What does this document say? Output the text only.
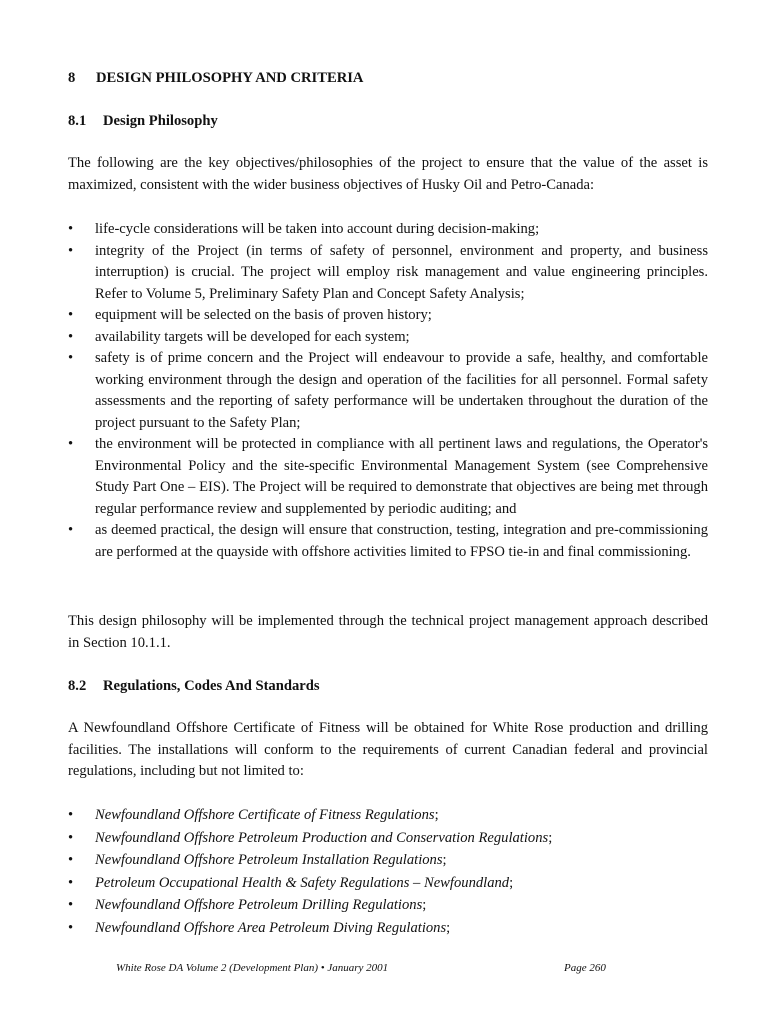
8 DESIGN PHILOSOPHY AND CRITERIA
8.1 Design Philosophy

The following are the key objectives/philosophies of the project to ensure that the value of the asset is maximized, consistent with the wider business objectives of Husky Oil and Petro-Canada:

• life-cycle considerations will be taken into account during decision-making;
• integrity of the Project (in terms of safety of personnel, environment and property, and business interruption) is crucial. The project will employ risk management and value engineering principles. Refer to Volume 5, Preliminary Safety Plan and Concept Safety Analysis;
• equipment will be selected on the basis of proven history;
• availability targets will be developed for each system;
• safety is of prime concern and the Project will endeavour to provide a safe, healthy, and comfortable working environment through the design and operation of the facilities for all personnel. Formal safety assessments and the reporting of safety performance will be undertaken throughout the duration of the project pursuant to the Safety Plan;
• the environment will be protected in compliance with all pertinent laws and regulations, the Operator's Environmental Policy and the site-specific Environmental Management System (see Comprehensive Study Part One – EIS). The Project will be required to demonstrate that objectives are being met through regular performance review and supplemented by periodic auditing; and
• as deemed practical, the design will ensure that construction, testing, integration and pre-commissioning are performed at the quayside with offshore activities limited to FPSO tie-in and final commissioning.

This design philosophy will be implemented through the technical project management approach described in Section 10.1.1.

8.2 Regulations, Codes And Standards

A Newfoundland Offshore Certificate of Fitness will be obtained for White Rose production and drilling facilities. The installations will conform to the requirements of current Canadian federal and provincial regulations, including but not limited to:

• Newfoundland Offshore Certificate of Fitness Regulations;
• Newfoundland Offshore Petroleum Production and Conservation Regulations;
• Newfoundland Offshore Petroleum Installation Regulations;
• Petroleum Occupational Health & Safety Regulations – Newfoundland;
• Newfoundland Offshore Petroleum Drilling Regulations;
• Newfoundland Offshore Area Petroleum Diving Regulations;
White Rose DA Volume 2 (Development Plan) • January 2001	Page 260
